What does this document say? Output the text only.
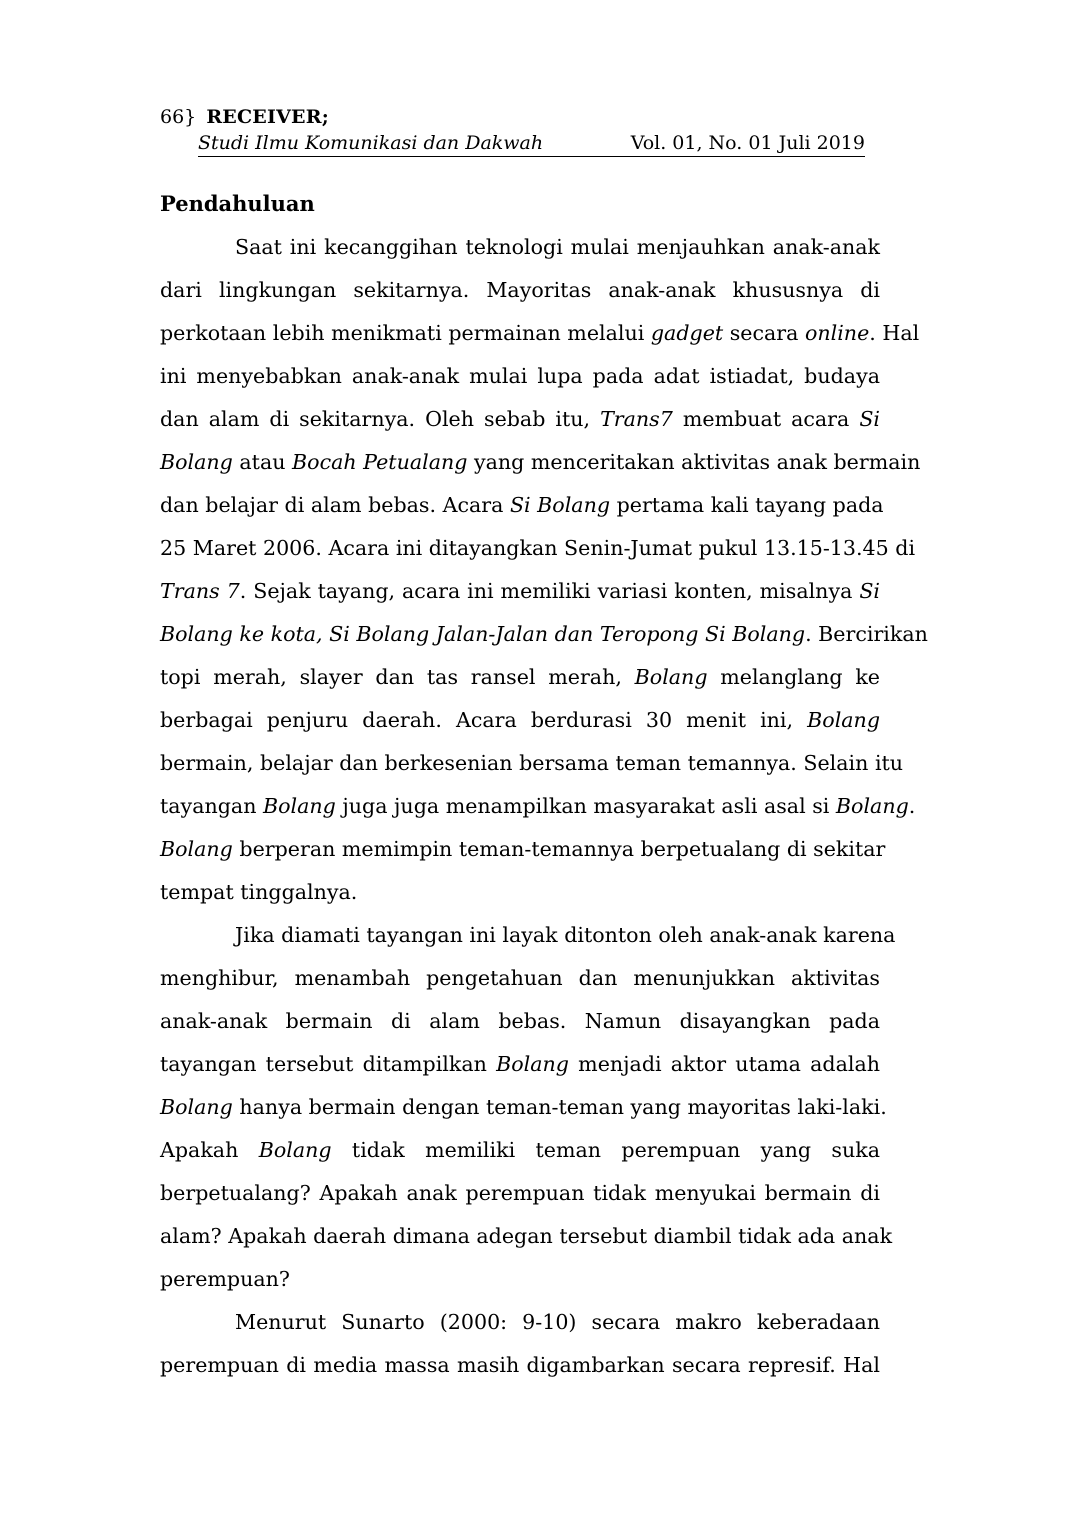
66} RECEIVER;
Studi Ilmu Komunikasi dan Dakwah	Vol. 01, No. 01 Juli 2019
Pendahuluan
Saat ini kecanggihan teknologi mulai menjauhkan anak-anak
dari lingkungan sekitarnya. Mayoritas anak-anak khususnya di
perkotaan lebih menikmati permainan melalui gadget secara online. Hal
ini menyebabkan anak-anak mulai lupa pada adat istiadat, budaya
dan alam di sekitarnya. Oleh sebab itu, Trans7 membuat acara Si
Bolang atau Bocah Petualang yang menceritakan aktivitas anak bermain
dan belajar di alam bebas. Acara Si Bolang pertama kali tayang pada
25 Maret 2006. Acara ini ditayangkan Senin-Jumat pukul 13.15-13.45 di
Trans 7. Sejak tayang, acara ini memiliki variasi konten, misalnya Si
Bolang ke kota, Si Bolang Jalan-Jalan dan Teropong Si Bolang. Bercirikan
topi merah, slayer dan tas ransel merah, Bolang melanglang ke
berbagai penjuru daerah. Acara berdurasi 30 menit ini, Bolang
bermain, belajar dan berkesenian bersama teman temannya. Selain itu
tayangan Bolang juga juga menampilkan masyarakat asli asal si Bolang.
Bolang berperan memimpin teman-temannya berpetualang di sekitar
tempat tinggalnya.
Jika diamati tayangan ini layak ditonton oleh anak-anak karena
menghibur, menambah pengetahuan dan menunjukkan aktivitas
anak-anak bermain di alam bebas. Namun disayangkan pada
tayangan tersebut ditampilkan Bolang menjadi aktor utama adalah
Bolang hanya bermain dengan teman-teman yang mayoritas laki-laki.
Apakah Bolang tidak memiliki teman perempuan yang suka
berpetualang? Apakah anak perempuan tidak menyukai bermain di
alam? Apakah daerah dimana adegan tersebut diambil tidak ada anak
perempuan?
Menurut Sunarto (2000: 9-10) secara makro keberadaan
perempuan di media massa masih digambarkan secara represif. Hal
